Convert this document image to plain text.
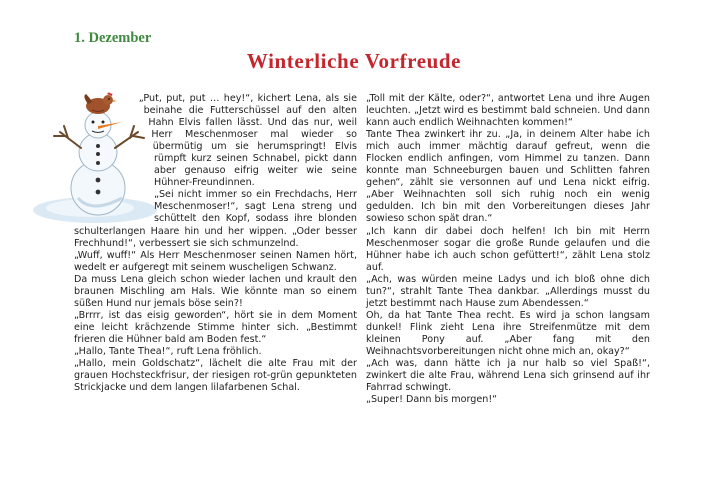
1. Dezember
Winterliche Vorfreude

„Put, put, put … hey!“, kichert Lena, als sie beinahe die Futterschüssel auf den alten Hahn Elvis fallen lässt. Und das nur, weil Herr Meschenmoser mal wieder so übermütig um sie herumspringt! Elvis rümpft kurz seinen Schnabel, pickt dann aber genauso eifrig weiter wie seine Hühner-Freundinnen.

„Sei nicht immer so ein Frechdachs, Herr Meschenmoser!“, sagt Lena streng und schüttelt den Kopf, sodass ihre blonden schulterlangen Haare hin und her wippen. „Oder besser Frechhund!“, verbessert sie sich schmunzelnd.

„Wuff, wuff!“ Als Herr Meschenmoser seinen Namen hört, wedelt er aufgeregt mit seinem wuscheligen Schwanz.

Da muss Lena gleich schon wieder lachen und krault den braunen Mischling am Hals. Wie könnte man so einem süßen Hund nur jemals böse sein?!

„Brrrr, ist das eisig geworden“, hört sie in dem Moment eine leicht krächzende Stimme hinter sich. „Bestimmt frieren die Hühner bald am Boden fest.“

„Hallo, Tante Thea!“, ruft Lena fröhlich.

„Hallo, mein Goldschatz“, lächelt die alte Frau mit der grauen Hochsteckfrisur, der riesigen rot-grün gepunkteten Strickjacke und dem langen lilafarbenen Schal.

„Toll mit der Kälte, oder?“, antwortet Lena und ihre Augen leuchten. „Jetzt wird es bestimmt bald schneien. Und dann kann auch endlich Weihnachten kommen!“

Tante Thea zwinkert ihr zu. „Ja, in deinem Alter habe ich mich auch immer mächtig darauf gefreut, wenn die Flocken endlich anfingen, vom Himmel zu tanzen. Dann konnte man Schneeburgen bauen und Schlitten fahren gehen“, zählt sie versonnen auf und Lena nickt eifrig. „Aber Weihnachten soll sich ruhig noch ein wenig gedulden. Ich bin mit den Vorbereitungen dieses Jahr sowieso schon spät dran.“

„Ich kann dir dabei doch helfen! Ich bin mit Herrn Meschenmoser sogar die große Runde gelaufen und die Hühner habe ich auch schon gefüttert!“, zählt Lena stolz auf.

„Ach, was würden meine Ladys und ich bloß ohne dich tun?“, strahlt Tante Thea dankbar. „Allerdings musst du jetzt bestimmt nach Hause zum Abendessen.“

Oh, da hat Tante Thea recht. Es wird ja schon langsam dunkel! Flink zieht Lena ihre Streifenmütze mit dem kleinen Pony auf. „Aber fang mit den Weihnachtsvorbereitungen nicht ohne mich an, okay?“

„Ach was, dann hätte ich ja nur halb so viel Spaß!“, zwinkert die alte Frau, während Lena sich grinsend auf ihr Fahrrad schwingt.

„Super! Dann bis morgen!“
